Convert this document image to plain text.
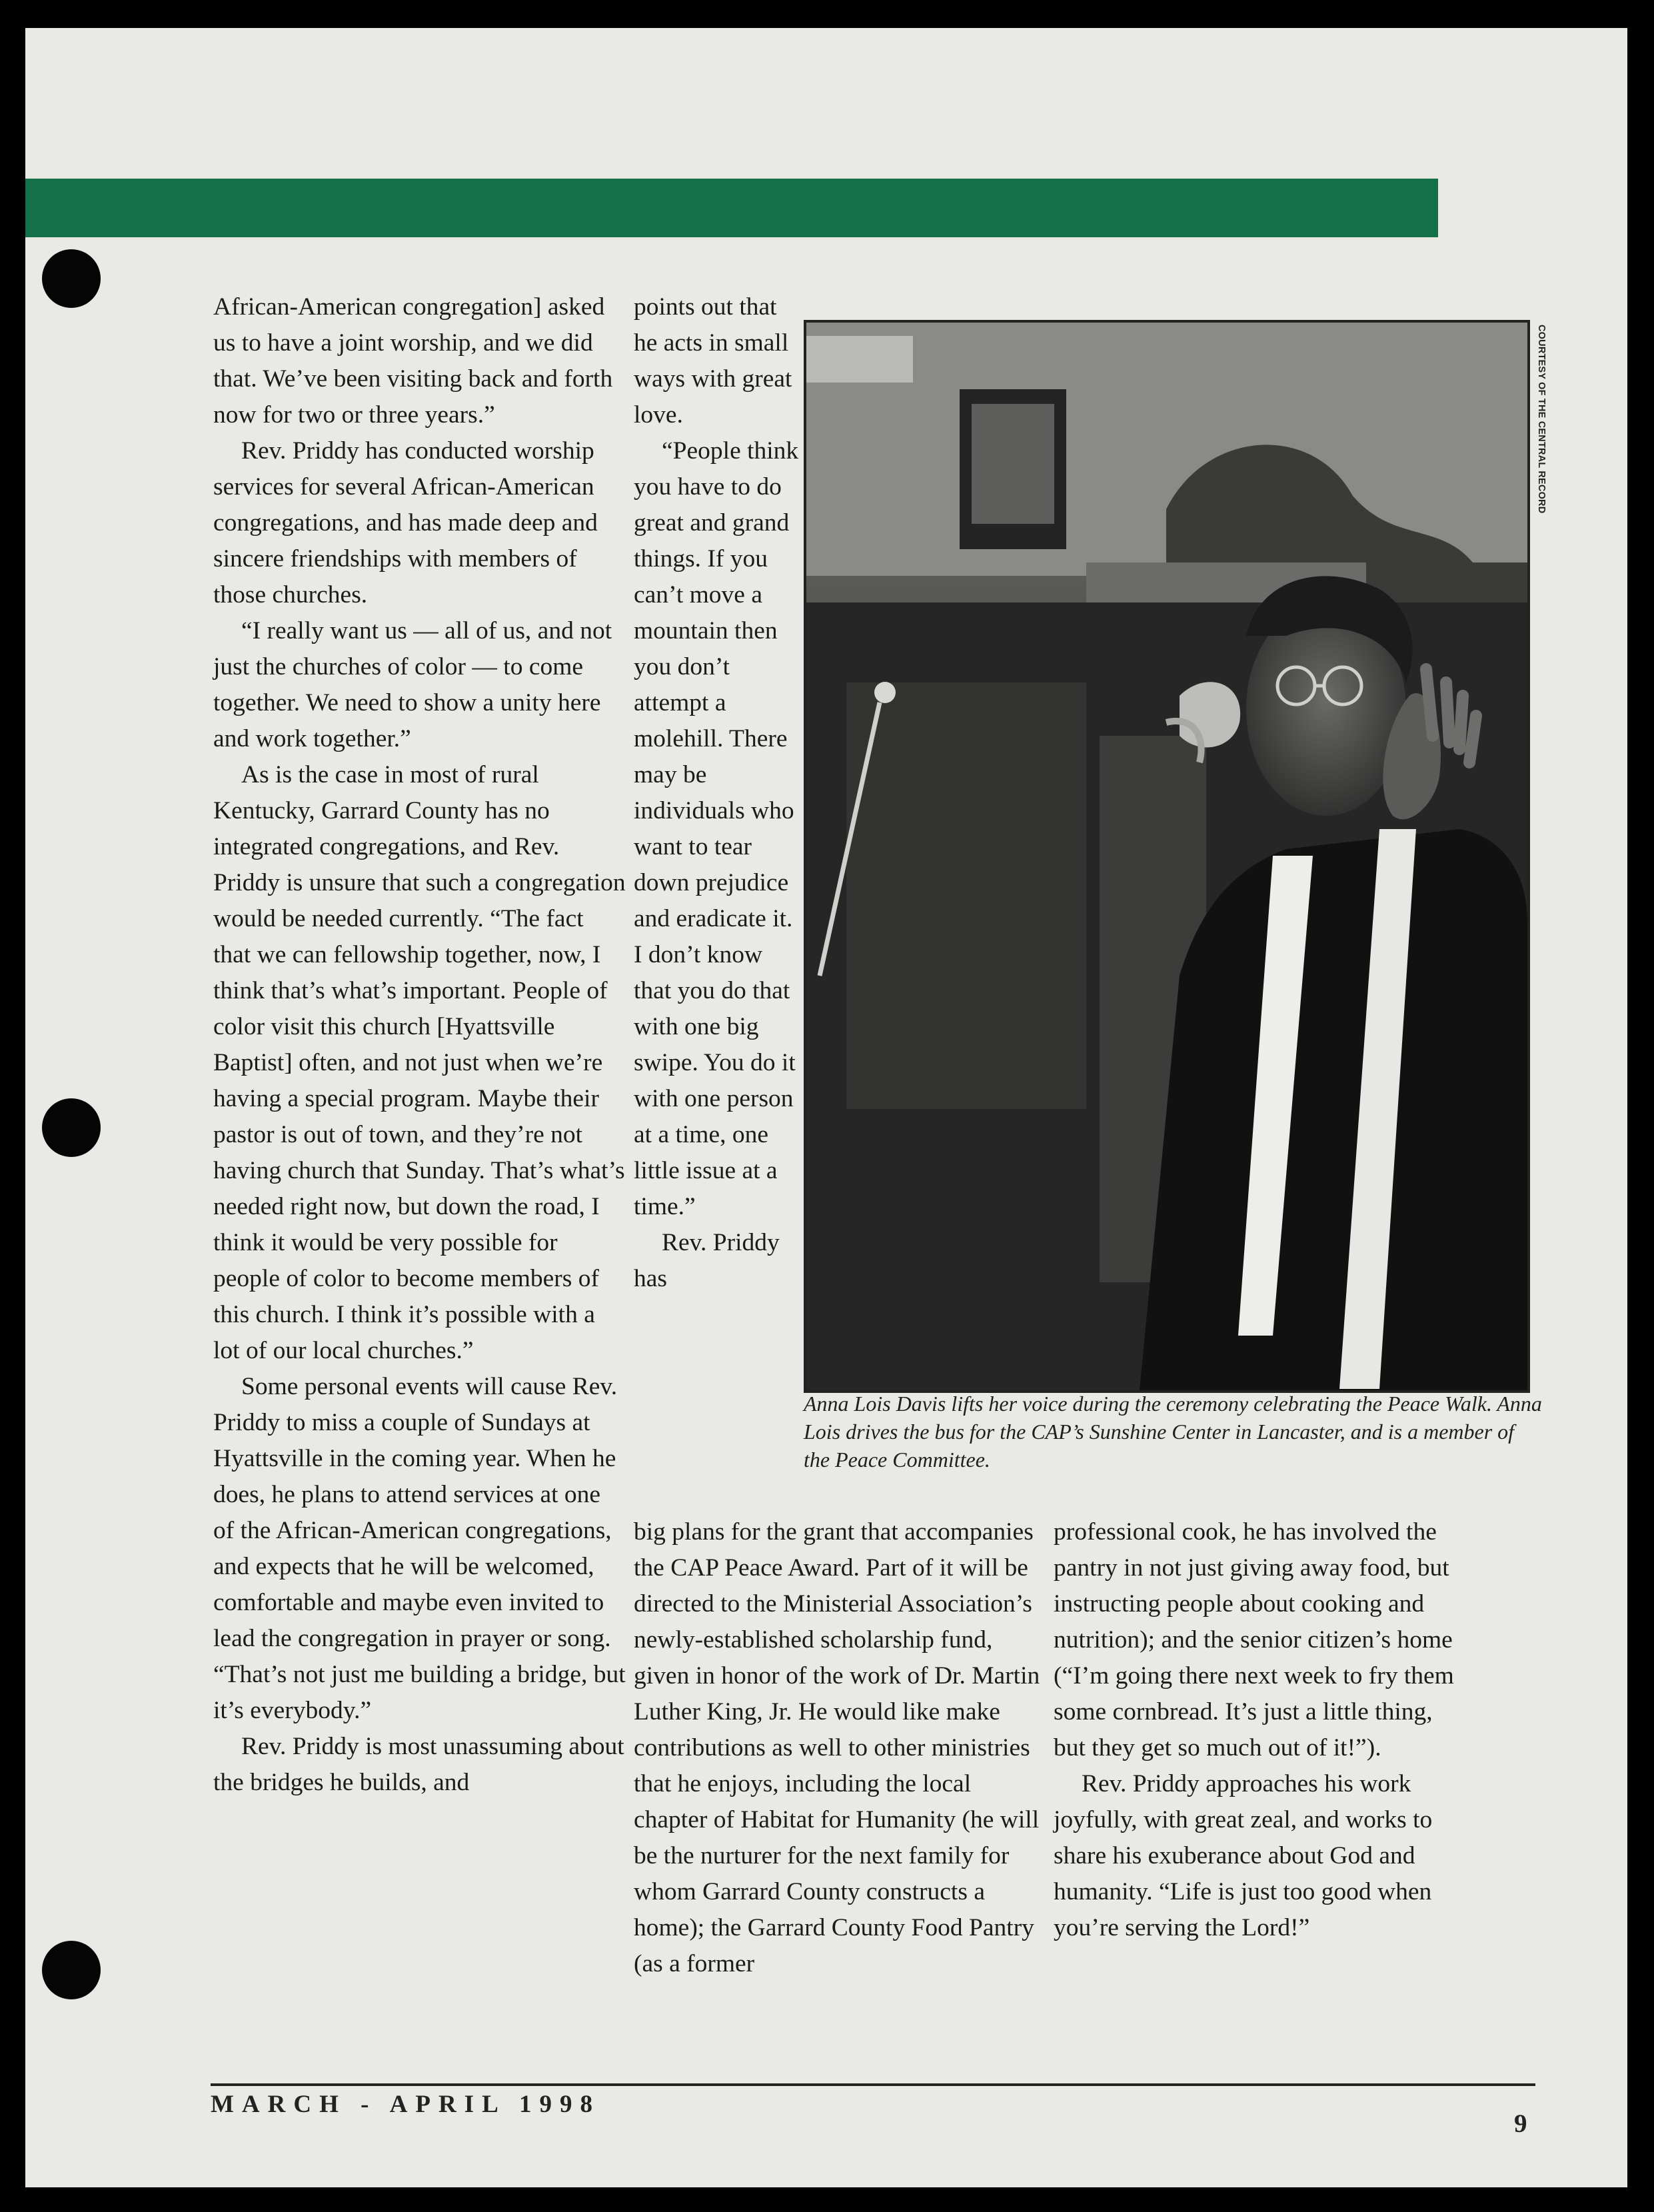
African-American congregation] asked us to have a joint worship, and we did that. We’ve been visiting back and forth now for two or three years.”

Rev. Priddy has conducted worship services for several African-American congregations, and has made deep and sincere friendships with members of those churches.

“I really want us — all of us, and not just the churches of color — to come together. We need to show a unity here and work together.”

As is the case in most of rural Kentucky, Garrard County has no integrated congregations, and Rev. Priddy is unsure that such a congregation would be needed currently. “The fact that we can fellowship together, now, I think that’s what’s important. People of color visit this church [Hyattsville Baptist] often, and not just when we’re having a special program. Maybe their pastor is out of town, and they’re not having church that Sunday. That’s what’s needed right now, but down the road, I think it would be very possible for people of color to become members of this church. I think it’s possible with a lot of our local churches.”

Some personal events will cause Rev. Priddy to miss a couple of Sundays at Hyattsville in the coming year. When he does, he plans to attend services at one of the African-American congregations, and expects that he will be welcomed, comfortable and maybe even invited to lead the congregation in prayer or song. “That’s not just me building a bridge, but it’s everybody.”

Rev. Priddy is most unassuming about the bridges he builds, and

points out that he acts in small ways with great love.

“People think you have to do great and grand things. If you can’t move a mountain then you don’t attempt a molehill. There may be individuals who want to tear down prejudice and eradicate it. I don’t know that you do that with one big swipe. You do it with one person at a time, one little issue at a time.”

Rev. Priddy has

COURTESY OF THE CENTRAL RECORD

Anna Lois Davis lifts her voice during the ceremony celebrating the Peace Walk. Anna Lois drives the bus for the CAP’s Sunshine Center in Lancaster, and is a member of the Peace Committee.

big plans for the grant that accompanies the CAP Peace Award. Part of it will be directed to the Ministerial Association’s newly-established scholarship fund, given in honor of the work of Dr. Martin Luther King, Jr. He would like make contributions as well to other ministries that he enjoys, including the local chapter of Habitat for Humanity (he will be the nurturer for the next family for whom Garrard County constructs a home); the Garrard County Food Pantry (as a former

professional cook, he has involved the pantry in not just giving away food, but instructing people about cooking and nutrition); and the senior citizen’s home (“I’m going there next week to fry them some cornbread. It’s just a little thing, but they get so much out of it!”).

Rev. Priddy approaches his work joyfully, with great zeal, and works to share his exuberance about God and humanity. “Life is just too good when you’re serving the Lord!”

MARCH - APRIL 1998
9
